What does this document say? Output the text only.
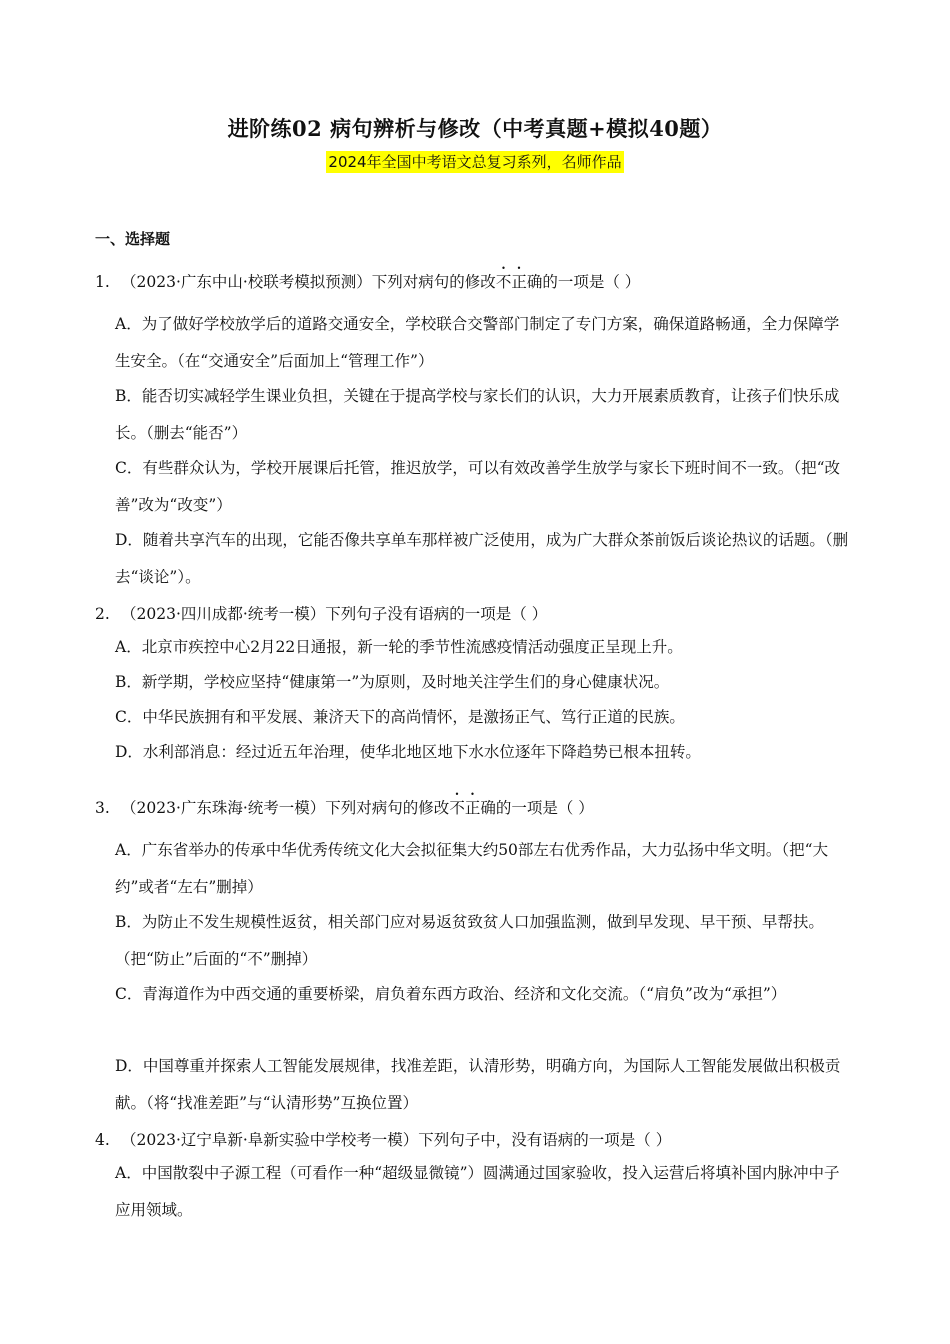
进阶练02 病句辨析与修改（中考真题+模拟40题）
2024年全国中考语文总复习系列，名师作品
一、选择题
1. （2023·广东中山·校联考模拟预测）下列对病句的修改不正确的一项是（ ）
A．为了做好学校放学后的道路交通安全，学校联合交警部门制定了专门方案，确保道路畅通，全力保障学生安全。（在“交通安全”后面加上“管理工作”）
B．能否切实减轻学生课业负担，关键在于提高学校与家长们的认识，大力开展素质教育，让孩子们快乐成长。（删去“能否”）
C．有些群众认为，学校开展课后托管，推迟放学，可以有效改善学生放学与家长下班时间不一致。（把“改善”改为“改变”）
D．随着共享汽车的出现，它能否像共享单车那样被广泛使用，成为广大群众茶前饭后谈论热议的话题。（删去“谈论”）。
2. （2023·四川成都·统考一模）下列句子没有语病的一项是（ ）
A．北京市疾控中心2月22日通报，新一轮的季节性流感疫情活动强度正呈现上升。
B．新学期，学校应坚持“健康第一”为原则，及时地关注学生们的身心健康状况。
C．中华民族拥有和平发展、兼济天下的高尚情怀，是激扬正气、笃行正道的民族。
D．水利部消息：经过近五年治理，使华北地区地下水水位逐年下降趋势已根本扭转。
3. （2023·广东珠海·统考一模）下列对病句的修改不正确的一项是（ ）
A．广东省举办的传承中华优秀传统文化大会拟征集大约50部左右优秀作品，大力弘扬中华文明。（把“大约”或者“左右”删掉）
B．为防止不发生规模性返贫，相关部门应对易返贫致贫人口加强监测，做到早发现、早干预、早帮扶。（把“防止”后面的“不”删掉）
C．青海道作为中西交通的重要桥梁，肩负着东西方政治、经济和文化交流。（“肩负”改为“承担”）
D．中国尊重并探索人工智能发展规律，找准差距，认清形势，明确方向，为国际人工智能发展做出积极贡献。（将“找准差距”与“认清形势”互换位置）
4. （2023·辽宁阜新·阜新实验中学校考一模）下列句子中，没有语病的一项是（ ）
A．中国散裂中子源工程（可看作一种“超级显微镜”）圆满通过国家验收，投入运营后将填补国内脉冲中子应用领域。
